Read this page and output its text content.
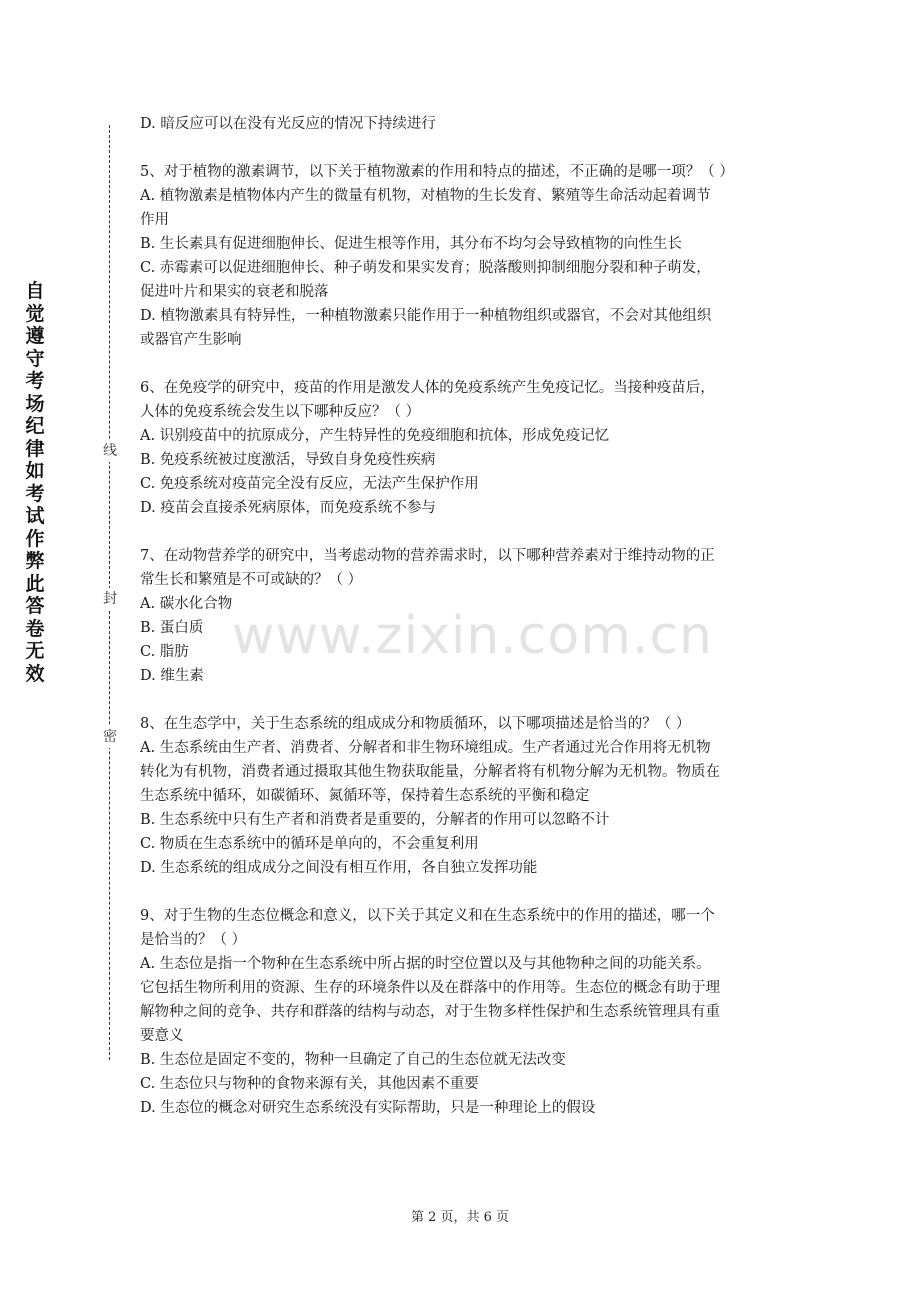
自
觉
遵
守
考
场
纪
律
如
考
试
作
弊
此
答
卷
无
效
线
封
密
www.zixin.com.cn

D. 暗反应可以在没有光反应的情况下持续进行

5、对于植物的激素调节，以下关于植物激素的作用和特点的描述，不正确的是哪一项？（ ）

A. 植物激素是植物体内产生的微量有机物，对植物的生长发育、繁殖等生命活动起着调节

作用

B. 生长素具有促进细胞伸长、促进生根等作用，其分布不均匀会导致植物的向性生长

C. 赤霉素可以促进细胞伸长、种子萌发和果实发育；脱落酸则抑制细胞分裂和种子萌发，

促进叶片和果实的衰老和脱落

D. 植物激素具有特异性，一种植物激素只能作用于一种植物组织或器官，不会对其他组织

或器官产生影响

6、在免疫学的研究中，疫苗的作用是激发人体的免疫系统产生免疫记忆。当接种疫苗后，

人体的免疫系统会发生以下哪种反应？（ ）

A. 识别疫苗中的抗原成分，产生特异性的免疫细胞和抗体，形成免疫记忆

B. 免疫系统被过度激活，导致自身免疫性疾病

C. 免疫系统对疫苗完全没有反应，无法产生保护作用

D. 疫苗会直接杀死病原体，而免疫系统不参与

7、在动物营养学的研究中，当考虑动物的营养需求时，以下哪种营养素对于维持动物的正

常生长和繁殖是不可或缺的？（ ）

A. 碳水化合物

B. 蛋白质

C. 脂肪

D. 维生素

8、在生态学中，关于生态系统的组成成分和物质循环，以下哪项描述是恰当的？（ ）

A. 生态系统由生产者、消费者、分解者和非生物环境组成。生产者通过光合作用将无机物

转化为有机物，消费者通过摄取其他生物获取能量，分解者将有机物分解为无机物。物质在

生态系统中循环，如碳循环、氮循环等，保持着生态系统的平衡和稳定

B. 生态系统中只有生产者和消费者是重要的，分解者的作用可以忽略不计

C. 物质在生态系统中的循环是单向的，不会重复利用

D. 生态系统的组成成分之间没有相互作用，各自独立发挥功能

9、对于生物的生态位概念和意义，以下关于其定义和在生态系统中的作用的描述，哪一个

是恰当的？（ ）

A. 生态位是指一个物种在生态系统中所占据的时空位置以及与其他物种之间的功能关系。

它包括生物所利用的资源、生存的环境条件以及在群落中的作用等。生态位的概念有助于理

解物种之间的竞争、共存和群落的结构与动态，对于生物多样性保护和生态系统管理具有重

要意义

B. 生态位是固定不变的，物种一旦确定了自己的生态位就无法改变

C. 生态位只与物种的食物来源有关，其他因素不重要

D. 生态位的概念对研究生态系统没有实际帮助，只是一种理论上的假设

第 2 页，共 6 页
